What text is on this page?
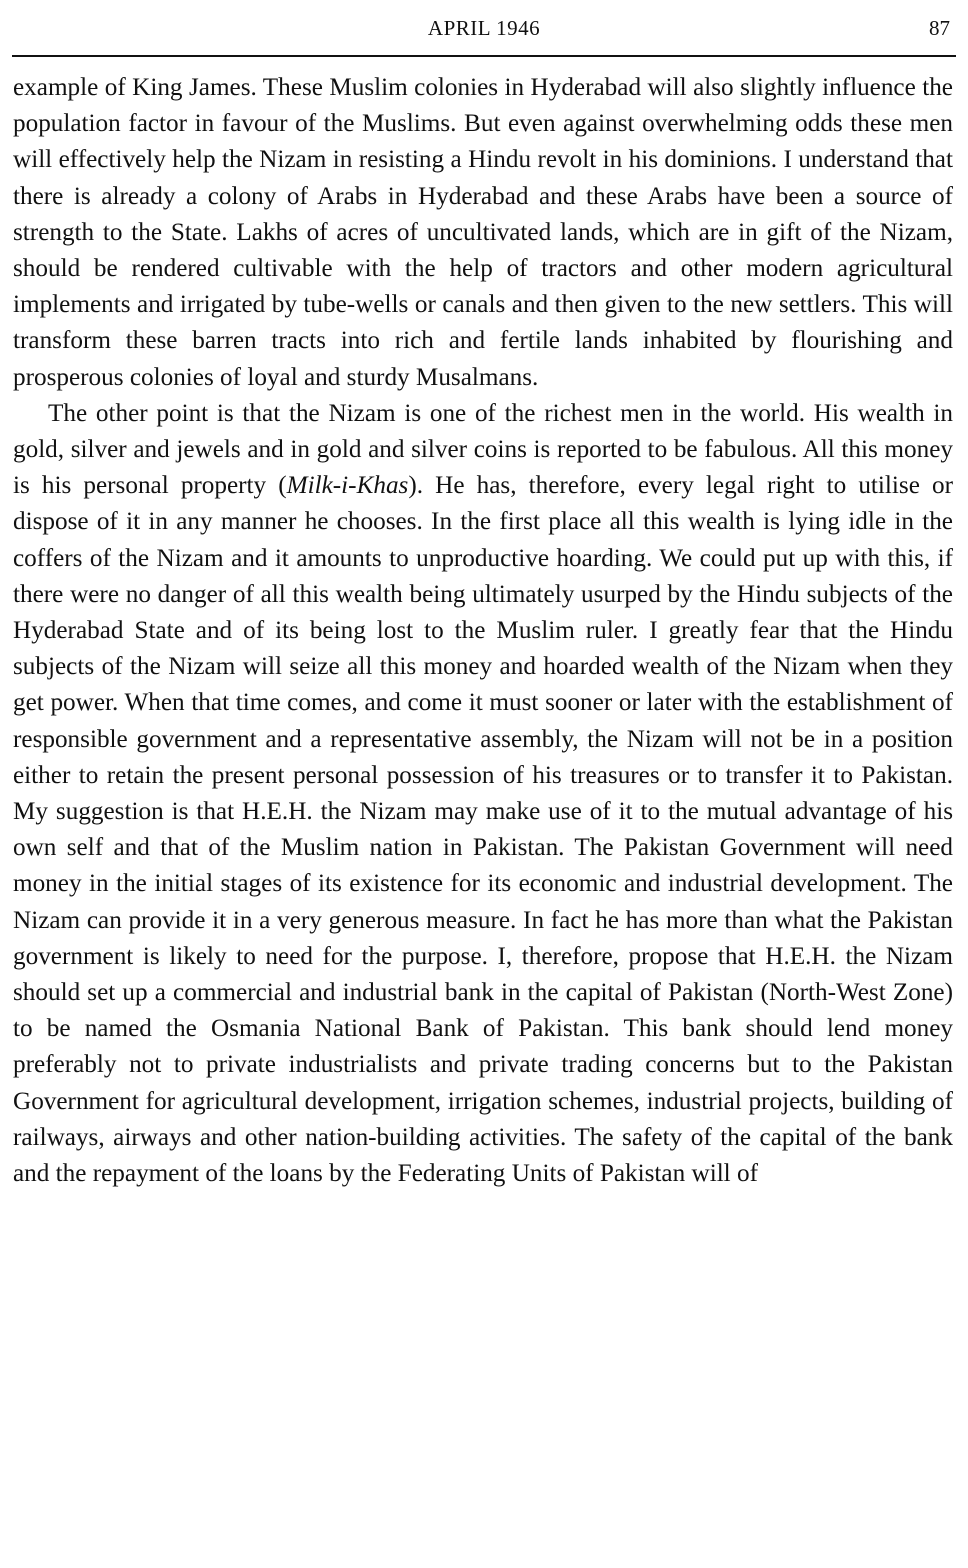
APRIL 1946	87

example of King James. These Muslim colonies in Hyderabad will also slightly influence the population factor in favour of the Muslims. But even against overwhelming odds these men will effectively help the Nizam in resisting a Hindu revolt in his dominions. I understand that there is already a colony of Arabs in Hyderabad and these Arabs have been a source of strength to the State. Lakhs of acres of uncultivated lands, which are in gift of the Nizam, should be rendered cultivable with the help of tractors and other modern agricultural implements and irrigated by tube-wells or canals and then given to the new settlers. This will transform these barren tracts into rich and fertile lands inhabited by flourishing and prosperous colonies of loyal and sturdy Musalmans.

The other point is that the Nizam is one of the richest men in the world. His wealth in gold, silver and jewels and in gold and silver coins is reported to be fabulous. All this money is his personal property (Milk-i-Khas). He has, therefore, every legal right to utilise or dispose of it in any manner he chooses. In the first place all this wealth is lying idle in the coffers of the Nizam and it amounts to unproductive hoarding. We could put up with this, if there were no danger of all this wealth being ultimately usurped by the Hindu subjects of the Hyderabad State and of its being lost to the Muslim ruler. I greatly fear that the Hindu subjects of the Nizam will seize all this money and hoarded wealth of the Nizam when they get power. When that time comes, and come it must sooner or later with the establishment of responsible government and a representative assembly, the Nizam will not be in a position either to retain the present personal possession of his treasures or to transfer it to Pakistan. My suggestion is that H.E.H. the Nizam may make use of it to the mutual advantage of his own self and that of the Muslim nation in Pakistan. The Pakistan Government will need money in the initial stages of its existence for its economic and industrial development. The Nizam can provide it in a very generous measure. In fact he has more than what the Pakistan government is likely to need for the purpose. I, therefore, propose that H.E.H. the Nizam should set up a commercial and industrial bank in the capital of Pakistan (North-West Zone) to be named the Osmania National Bank of Pakistan. This bank should lend money preferably not to private industrialists and private trading concerns but to the Pakistan Government for agricultural development, irrigation schemes, industrial projects, building of railways, airways and other nation-building activities. The safety of the capital of the bank and the repayment of the loans by the Federating Units of Pakistan will of
